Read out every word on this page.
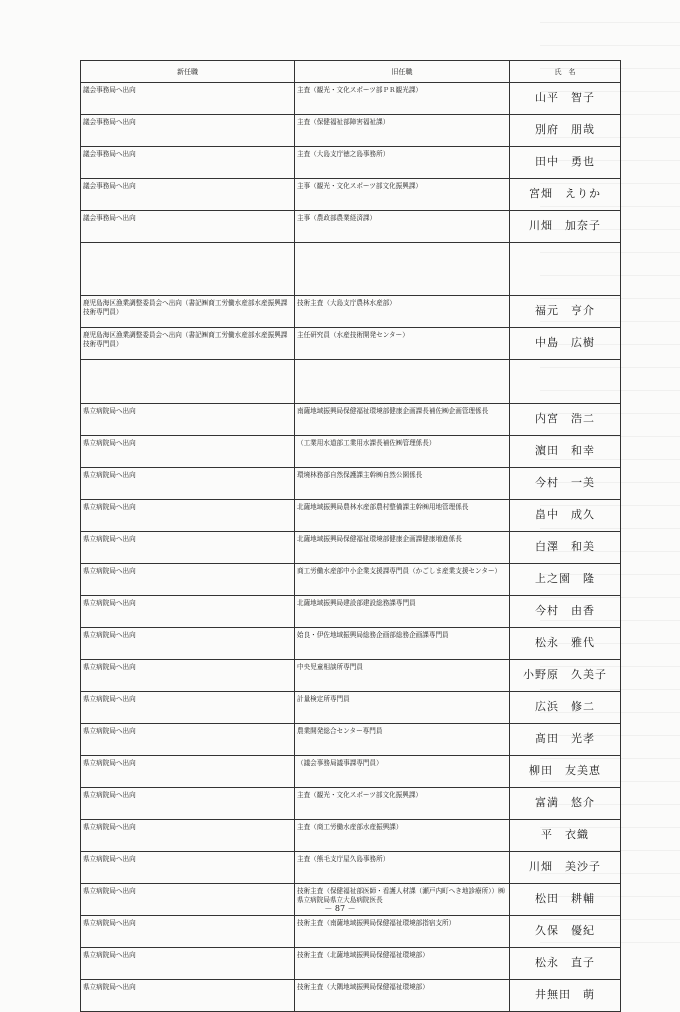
新任職	旧任職	氏　名
議会事務局へ出向	主査（観光・文化スポーツ部ＰＲ観光課）	山平　智子
議会事務局へ出向	主査（保健福祉部障害福祉課）	別府　朋哉
議会事務局へ出向	主査（大島支庁徳之島事務所）	田中　勇也
議会事務局へ出向	主事（観光・文化スポーツ部文化振興課）	宮畑　えりか
議会事務局へ出向	主事（農政部農業経済課）	川畑　加奈子

鹿児島海区漁業調整委員会へ出向（書記㈱商工労働水産部水産振興課技術専門員）	技術主査（大島支庁農林水産部）	福元　亨介
鹿児島海区漁業調整委員会へ出向（書記㈱商工労働水産部水産振興課技術専門員）	主任研究員（水産技術開発センター）	中島　広樹

県立病院局へ出向	南薩地域振興局保健福祉環境部健康企画課長補佐㈱企画管理係長	内宮　浩二
県立病院局へ出向	（工業用水道部工業用水課長補佐㈱管理係長）	濵田　和幸
県立病院局へ出向	環境林務部自然保護課主幹㈱自然公園係長	今村　一美
県立病院局へ出向	北薩地域振興局農林水産部農村整備課主幹㈱用地管理係長	畠中　成久
県立病院局へ出向	北薩地域振興局保健福祉環境部健康企画課健康増進係長	白澤　和美
県立病院局へ出向	商工労働水産部中小企業支援課専門員（かごしま産業支援センター）	上之園　隆
県立病院局へ出向	北薩地域振興局建設部建設総務課専門員	今村　由香
県立病院局へ出向	姶良・伊佐地域振興局総務企画部総務企画課専門員	松永　雅代
県立病院局へ出向	中央児童相談所専門員	小野原　久美子
県立病院局へ出向	計量検定所専門員	広浜　修二
県立病院局へ出向	農業開発総合センター専門員	髙田　光孝
県立病院局へ出向	（議会事務局議事課専門員）	柳田　友美恵
県立病院局へ出向	主査（観光・文化スポーツ部文化振興課）	富満　悠介
県立病院局へ出向	主査（商工労働水産部水産振興課）	平　衣織
県立病院局へ出向	主査（熊毛支庁屋久島事務所）	川畑　美沙子
県立病院局へ出向	技術主査（保健福祉部医師・看護人材課（瀬戸内町へき地診療所））㈱県立病院局県立大島病院医長	松田　耕輔
県立病院局へ出向	技術主査（南薩地域振興局保健福祉環境部指宿支所）	久保　優紀
県立病院局へ出向	技術主査（北薩地域振興局保健福祉環境部）	松永　直子
県立病院局へ出向	技術主査（大隅地域振興局保健福祉環境部）	井無田　萌
－ 87 －
